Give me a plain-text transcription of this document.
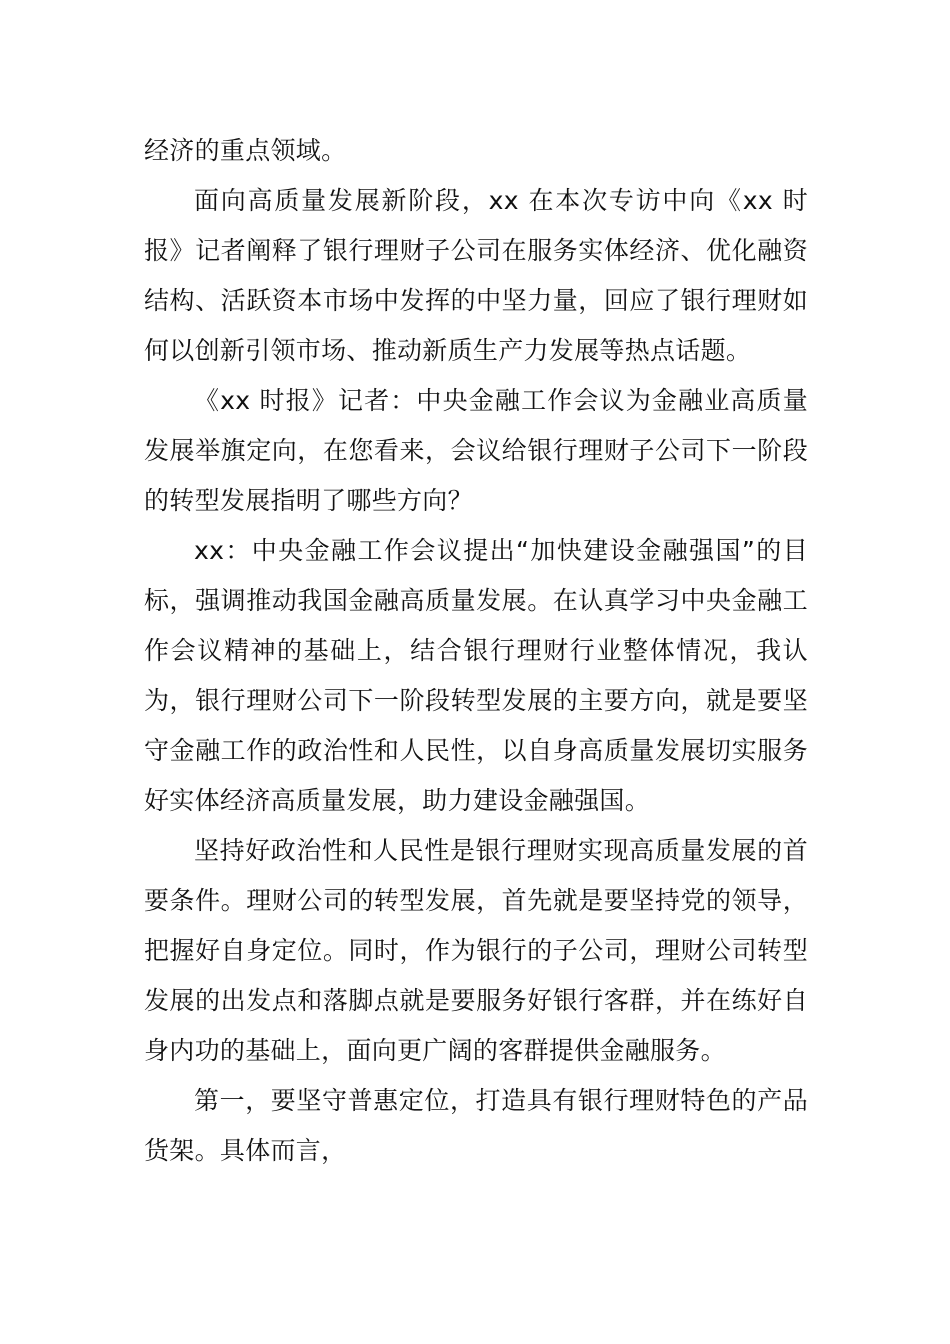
经济的重点领域。

面向高质量发展新阶段，xx 在本次专访中向《xx 时报》记者阐释了银行理财子公司在服务实体经济、优化融资结构、活跃资本市场中发挥的中坚力量，回应了银行理财如何以创新引领市场、推动新质生产力发展等热点话题。

《xx 时报》记者：中央金融工作会议为金融业高质量发展举旗定向，在您看来，会议给银行理财子公司下一阶段的转型发展指明了哪些方向？

xx：中央金融工作会议提出“加快建设金融强国”的目标，强调推动我国金融高质量发展。在认真学习中央金融工作会议精神的基础上，结合银行理财行业整体情况，我认为，银行理财公司下一阶段转型发展的主要方向，就是要坚守金融工作的政治性和人民性，以自身高质量发展切实服务好实体经济高质量发展，助力建设金融强国。

坚持好政治性和人民性是银行理财实现高质量发展的首要条件。理财公司的转型发展，首先就是要坚持党的领导，把握好自身定位。同时，作为银行的子公司，理财公司转型发展的出发点和落脚点就是要服务好银行客群，并在练好自身内功的基础上，面向更广阔的客群提供金融服务。

第一，要坚守普惠定位，打造具有银行理财特色的产品货架。具体而言，
